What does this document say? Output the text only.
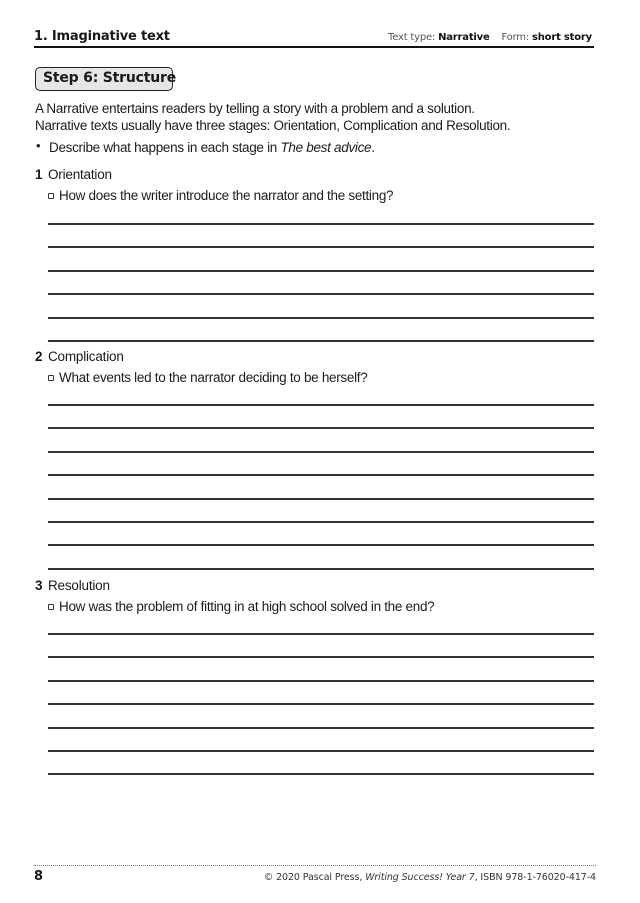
1. Imaginative text	Text type: Narrative Form: short story
Step 6: Structure
A Narrative entertains readers by telling a story with a problem and a solution.
Narrative texts usually have three stages: Orientation, Complication and Resolution.
• Describe what happens in each stage in The best advice.
1 Orientation
How does the writer introduce the narrator and the setting?
2 Complication
What events led to the narrator deciding to be herself?
3 Resolution
How was the problem of fitting in at high school solved in the end?
8	© 2020 Pascal Press, Writing Success! Year 7, ISBN 978-1-76020-417-4
